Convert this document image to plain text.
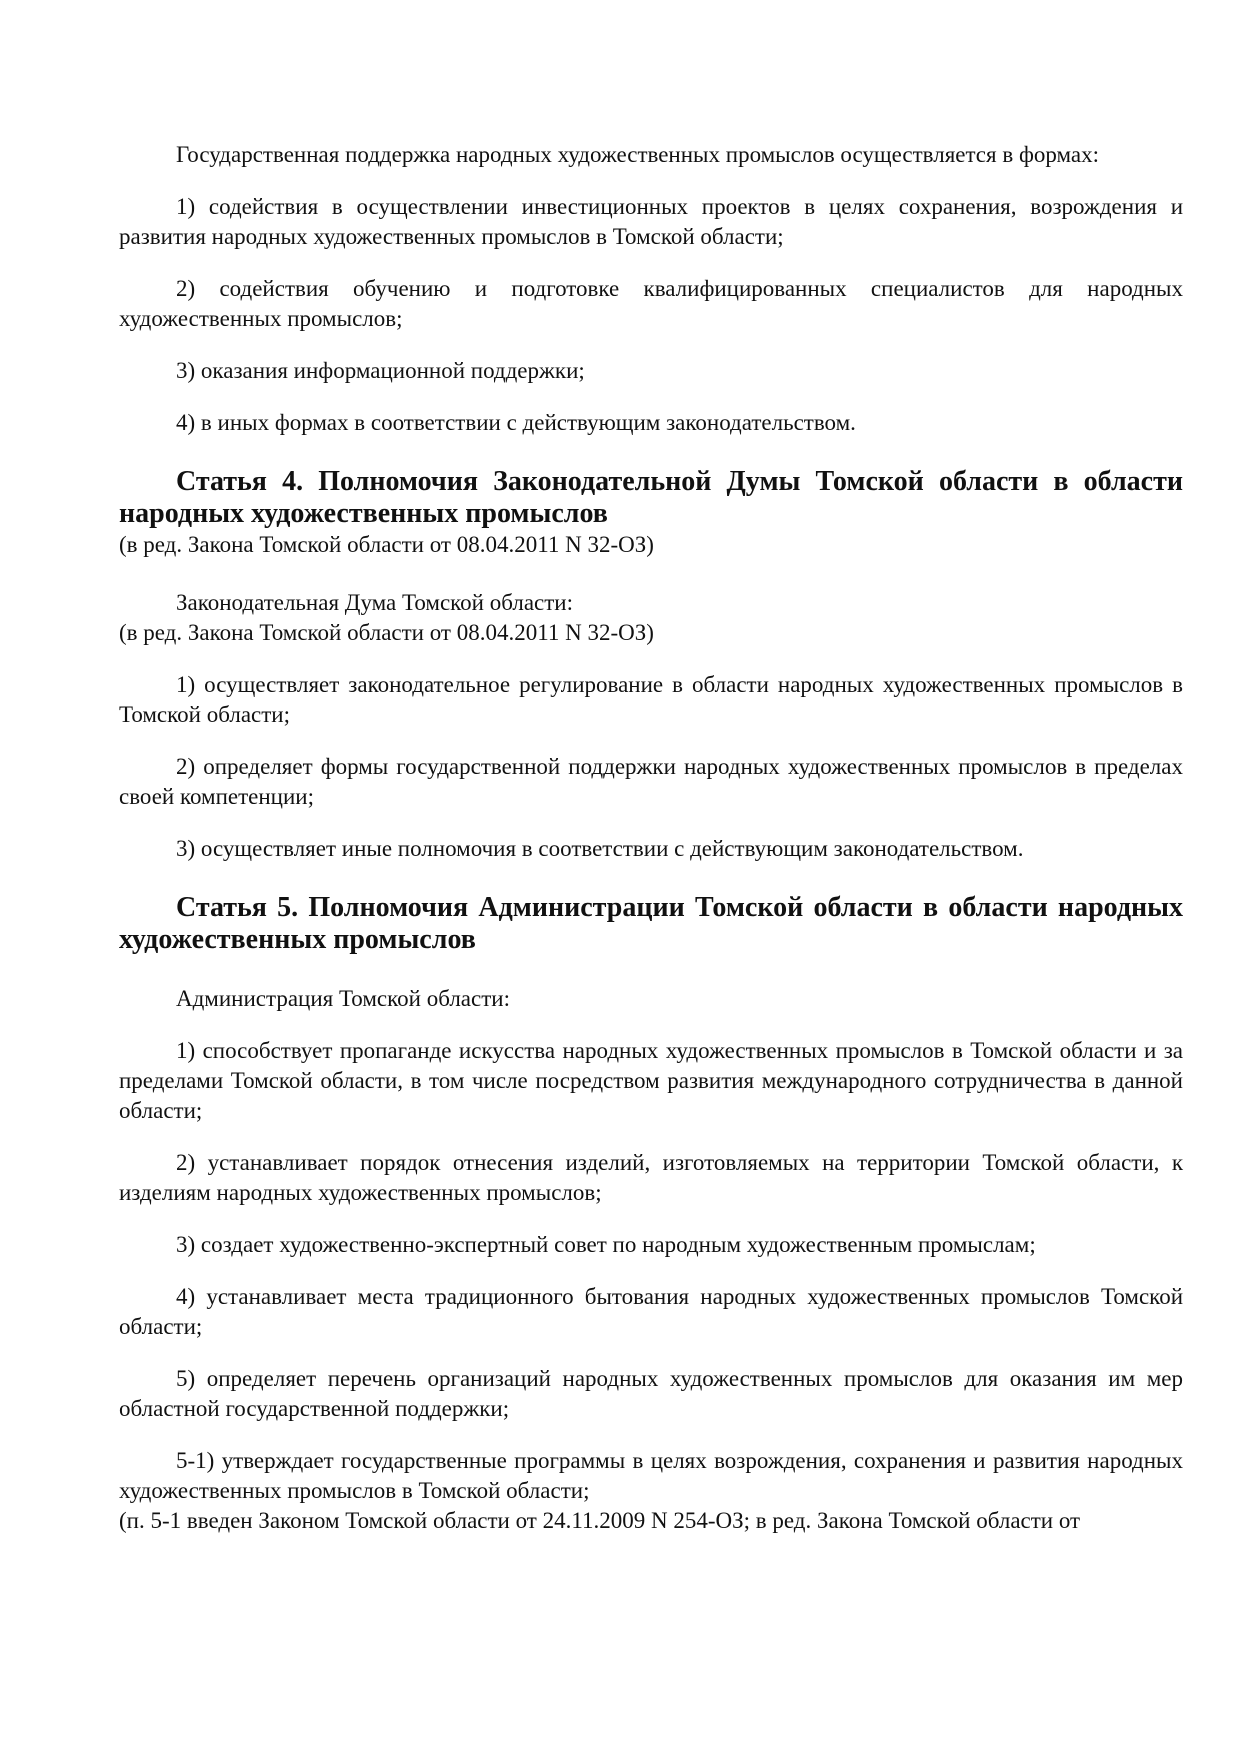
Государственная поддержка народных художественных промыслов осуществляется в формах:

1) содействия в осуществлении инвестиционных проектов в целях сохранения, возрождения и развития народных художественных промыслов в Томской области;

2) содействия обучению и подготовке квалифицированных специалистов для народных художественных промыслов;

3) оказания информационной поддержки;

4) в иных формах в соответствии с действующим законодательством.

Статья 4. Полномочия Законодательной Думы Томской области в области народных художественных промыслов

(в ред. Закона Томской области от 08.04.2011 N 32-ОЗ)

Законодательная Дума Томской области:

(в ред. Закона Томской области от 08.04.2011 N 32-ОЗ)

1) осуществляет законодательное регулирование в области народных художественных промыслов в Томской области;

2) определяет формы государственной поддержки народных художественных промыслов в пределах своей компетенции;

3) осуществляет иные полномочия в соответствии с действующим законодательством.

Статья 5. Полномочия Администрации Томской области в области народных художественных промыслов

Администрация Томской области:

1) способствует пропаганде искусства народных художественных промыслов в Томской области и за пределами Томской области, в том числе посредством развития международного сотрудничества в данной области;

2) устанавливает порядок отнесения изделий, изготовляемых на территории Томской области, к изделиям народных художественных промыслов;

3) создает художественно-экспертный совет по народным художественным промыслам;

4) устанавливает места традиционного бытования народных художественных промыслов Томской области;

5) определяет перечень организаций народных художественных промыслов для оказания им мер областной государственной поддержки;

5-1) утверждает государственные программы в целях возрождения, сохранения и развития народных художественных промыслов в Томской области;

(п. 5-1 введен Законом Томской области от 24.11.2009 N 254-ОЗ; в ред. Закона Томской области от
